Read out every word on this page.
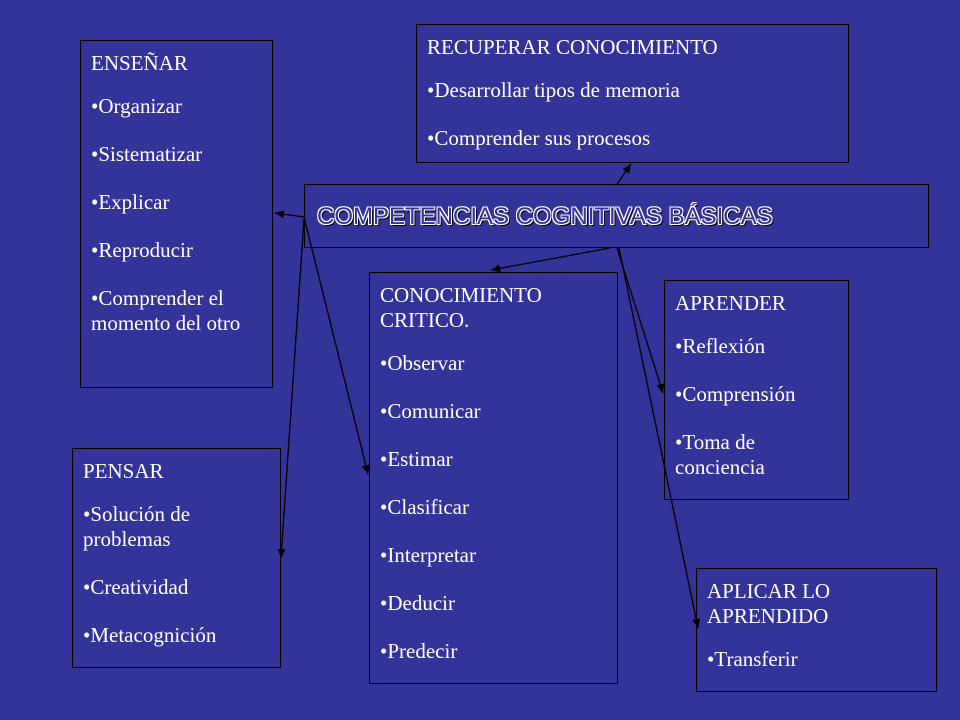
COMPETENCIAS COGNITIVAS BÁSICAS
ENSEÑAR
• Organizar
• Sistematizar
• Explicar
• Reproducir
• Comprender el momento del otro
RECUPERAR CONOCIMIENTO
• Desarrollar tipos de memoria
• Comprender sus procesos
CONOCIMIENTO CRITICO.
• Observar
• Comunicar
• Estimar
• Clasificar
• Interpretar
• Deducir
• Predecir
APRENDER
• Reflexión
• Comprensión
• Toma de conciencia
PENSAR
• Solución de problemas
• Creatividad
• Metacognición
APLICAR LO APRENDIDO
• Transferir
